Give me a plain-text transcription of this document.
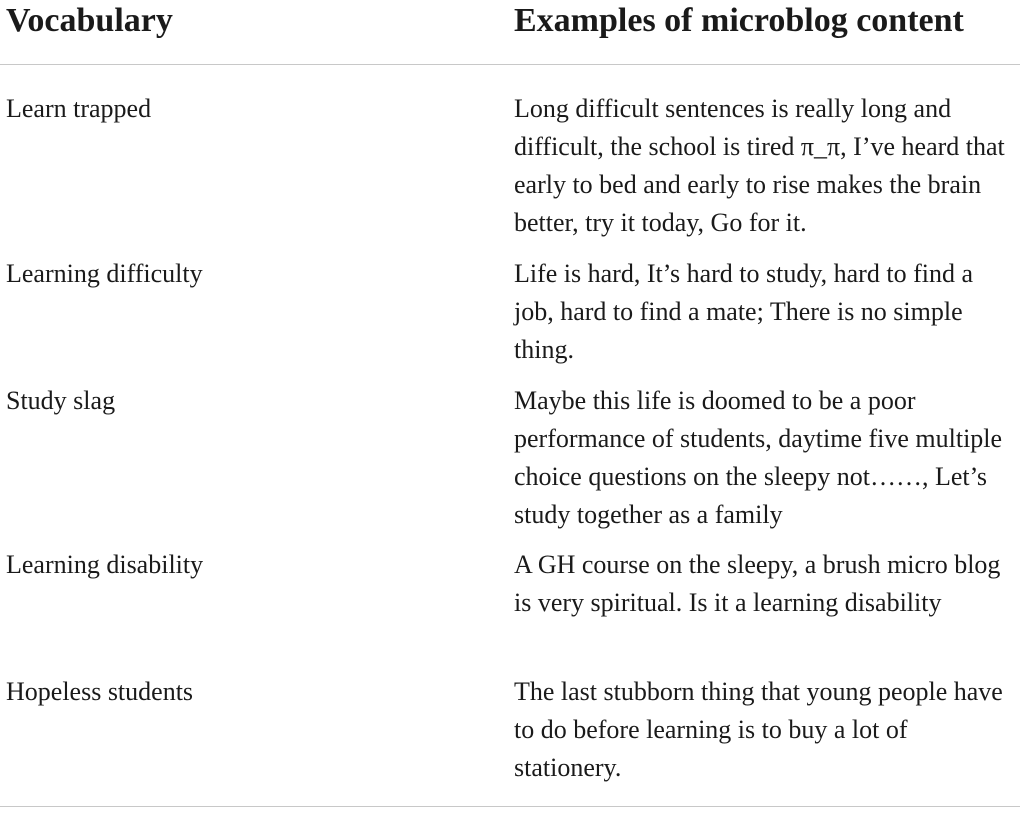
Vocabulary	Examples of microblog content
Learn trapped	Long difficult sentences is really long and difficult, the school is tired π_π, I’ve heard that early to bed and early to rise makes the brain better, try it today, Go for it.
Learning difficulty	Life is hard, It’s hard to study, hard to find a job, hard to find a mate; There is no simple thing.
Study slag	Maybe this life is doomed to be a poor performance of students, daytime five multiple choice questions on the sleepy not……, Let’s study together as a family
Learning disability	A GH course on the sleepy, a brush micro blog is very spiritual. Is it a learning disability
Hopeless students	The last stubborn thing that young people have to do before learning is to buy a lot of stationery.
